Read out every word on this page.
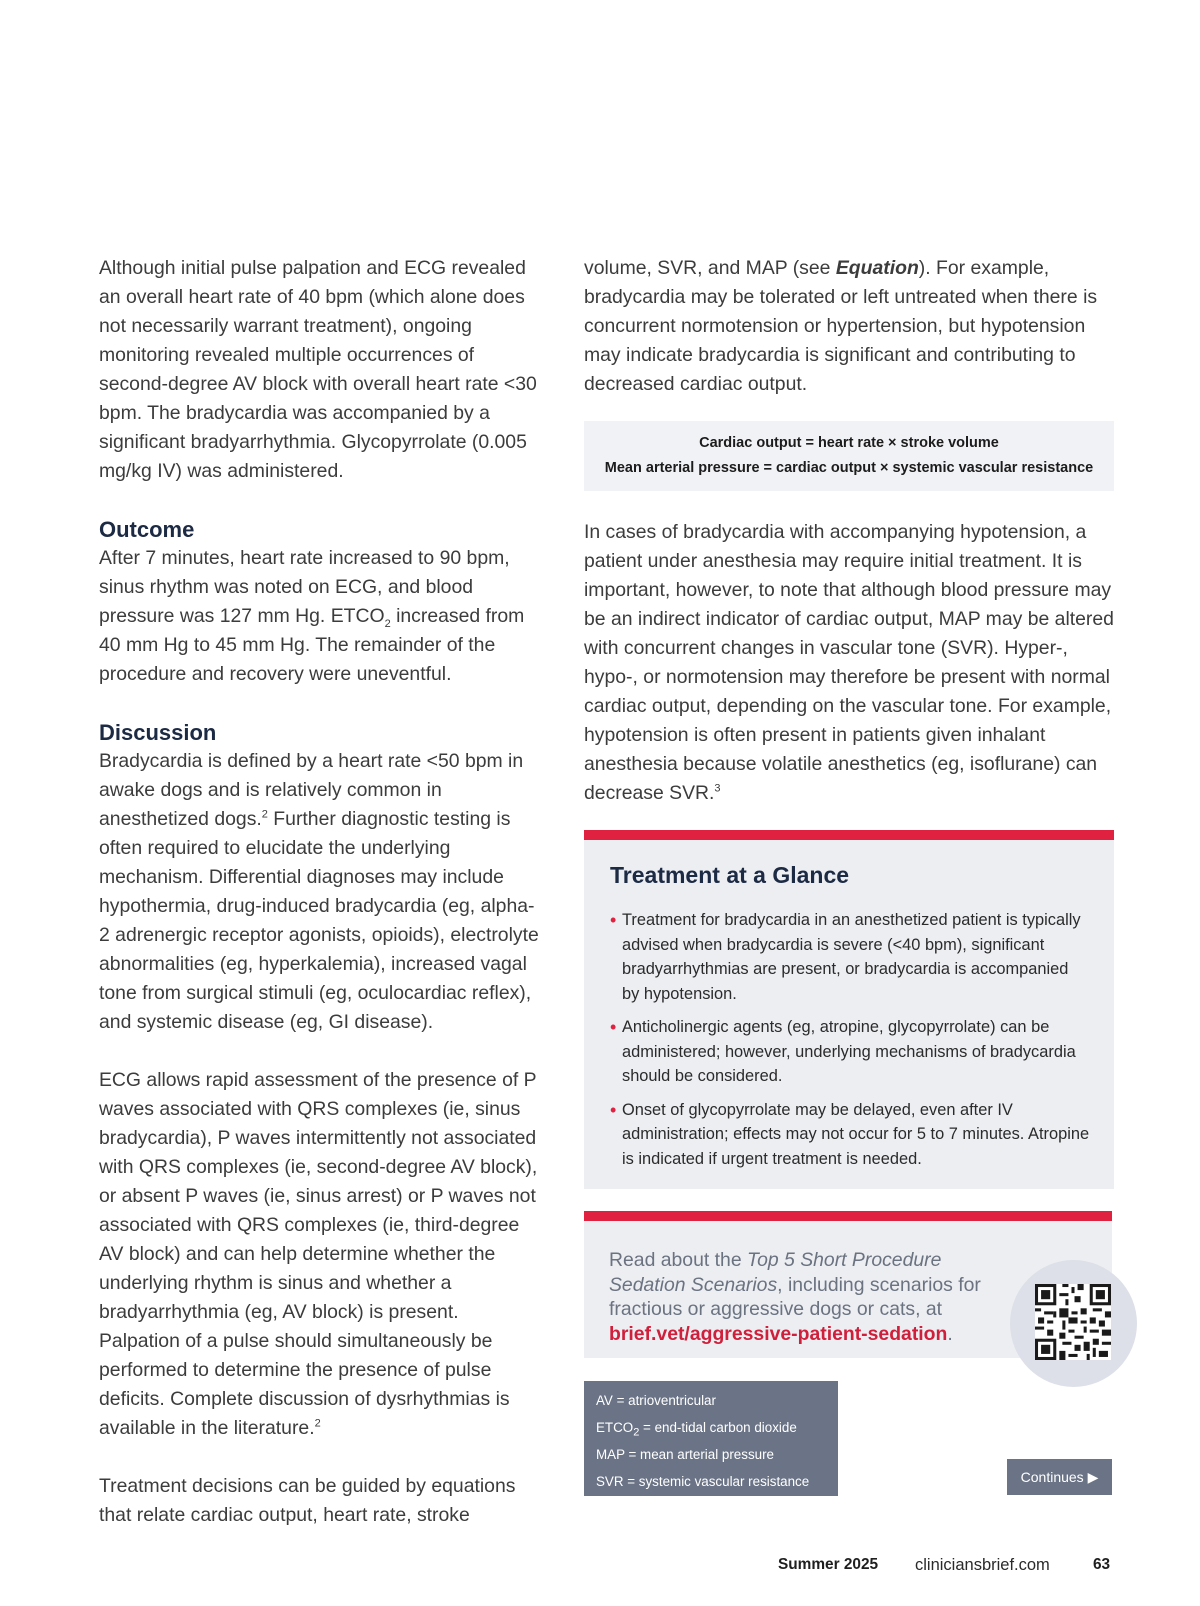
Although initial pulse palpation and ECG revealed an overall heart rate of 40 bpm (which alone does not necessarily warrant treatment), ongoing monitoring revealed multiple occurrences of second-degree AV block with overall heart rate <30 bpm. The bradycardia was accompanied by a significant bradyarrhythmia. Glycopyrrolate (0.005 mg/kg IV) was administered.

Outcome

After 7 minutes, heart rate increased to 90 bpm, sinus rhythm was noted on ECG, and blood pressure was 127 mm Hg. $ETCO_2$ increased from 40 mm Hg to 45 mm Hg. The remainder of the procedure and recovery were uneventful.

Discussion

Bradycardia is defined by a heart rate <50 bpm in awake dogs and is relatively common in anesthetized dogs.$^2$ Further diagnostic testing is often required to elucidate the underlying mechanism. Differential diagnoses may include hypothermia, drug-induced bradycardia (eg, alpha-2 adrenergic receptor agonists, opioids), electrolyte abnormalities (eg, hyperkalemia), increased vagal tone from surgical stimuli (eg, oculocardiac reflex), and systemic disease (eg, GI disease).

ECG allows rapid assessment of the presence of P waves associated with QRS complexes (ie, sinus bradycardia), P waves intermittently not associated with QRS complexes (ie, second-degree AV block), or absent P waves (ie, sinus arrest) or P waves not associated with QRS complexes (ie, third-degree AV block) and can help determine whether the underlying rhythm is sinus and whether a bradyarrhythmia (eg, AV block) is present. Palpation of a pulse should simultaneously be performed to determine the presence of pulse deficits. Complete discussion of dysrhythmias is available in the literature.$^2$

Treatment decisions can be guided by equations that relate cardiac output, heart rate, stroke

volume, SVR, and MAP (see Equation). For example, bradycardia may be tolerated or left untreated when there is concurrent normotension or hypertension, but hypotension may indicate bradycardia is significant and contributing to decreased cardiac output.

Cardiac output = heart rate × stroke volume
Mean arterial pressure = cardiac output × systemic vascular resistance

In cases of bradycardia with accompanying hypotension, a patient under anesthesia may require initial treatment. It is important, however, to note that although blood pressure may be an indirect indicator of cardiac output, MAP may be altered with concurrent changes in vascular tone (SVR). Hyper-, hypo-, or normotension may therefore be present with normal cardiac output, depending on the vascular tone. For example, hypotension is often present in patients given inhalant anesthesia because volatile anesthetics (eg, isoflurane) can decrease SVR.$^3$

Treatment at a Glance
• Treatment for bradycardia in an anesthetized patient is typically advised when bradycardia is severe (<40 bpm), significant bradyarrhythmias are present, or bradycardia is accompanied by hypotension.
• Anticholinergic agents (eg, atropine, glycopyrrolate) can be administered; however, underlying mechanisms of bradycardia should be considered.
• Onset of glycopyrrolate may be delayed, even after IV administration; effects may not occur for 5 to 7 minutes. Atropine is indicated if urgent treatment is needed.
Read about the Top 5 Short Procedure Sedation Scenarios, including scenarios for fractious or aggressive dogs or cats, at brief.vet/aggressive-patient-sedation.
AV = atrioventricular
$ETCO_2$ = end-tidal carbon dioxide
MAP = mean arterial pressure
SVR = systemic vascular resistance	Continues ▶
Summer 2025 cliniciansbrief.com	63
